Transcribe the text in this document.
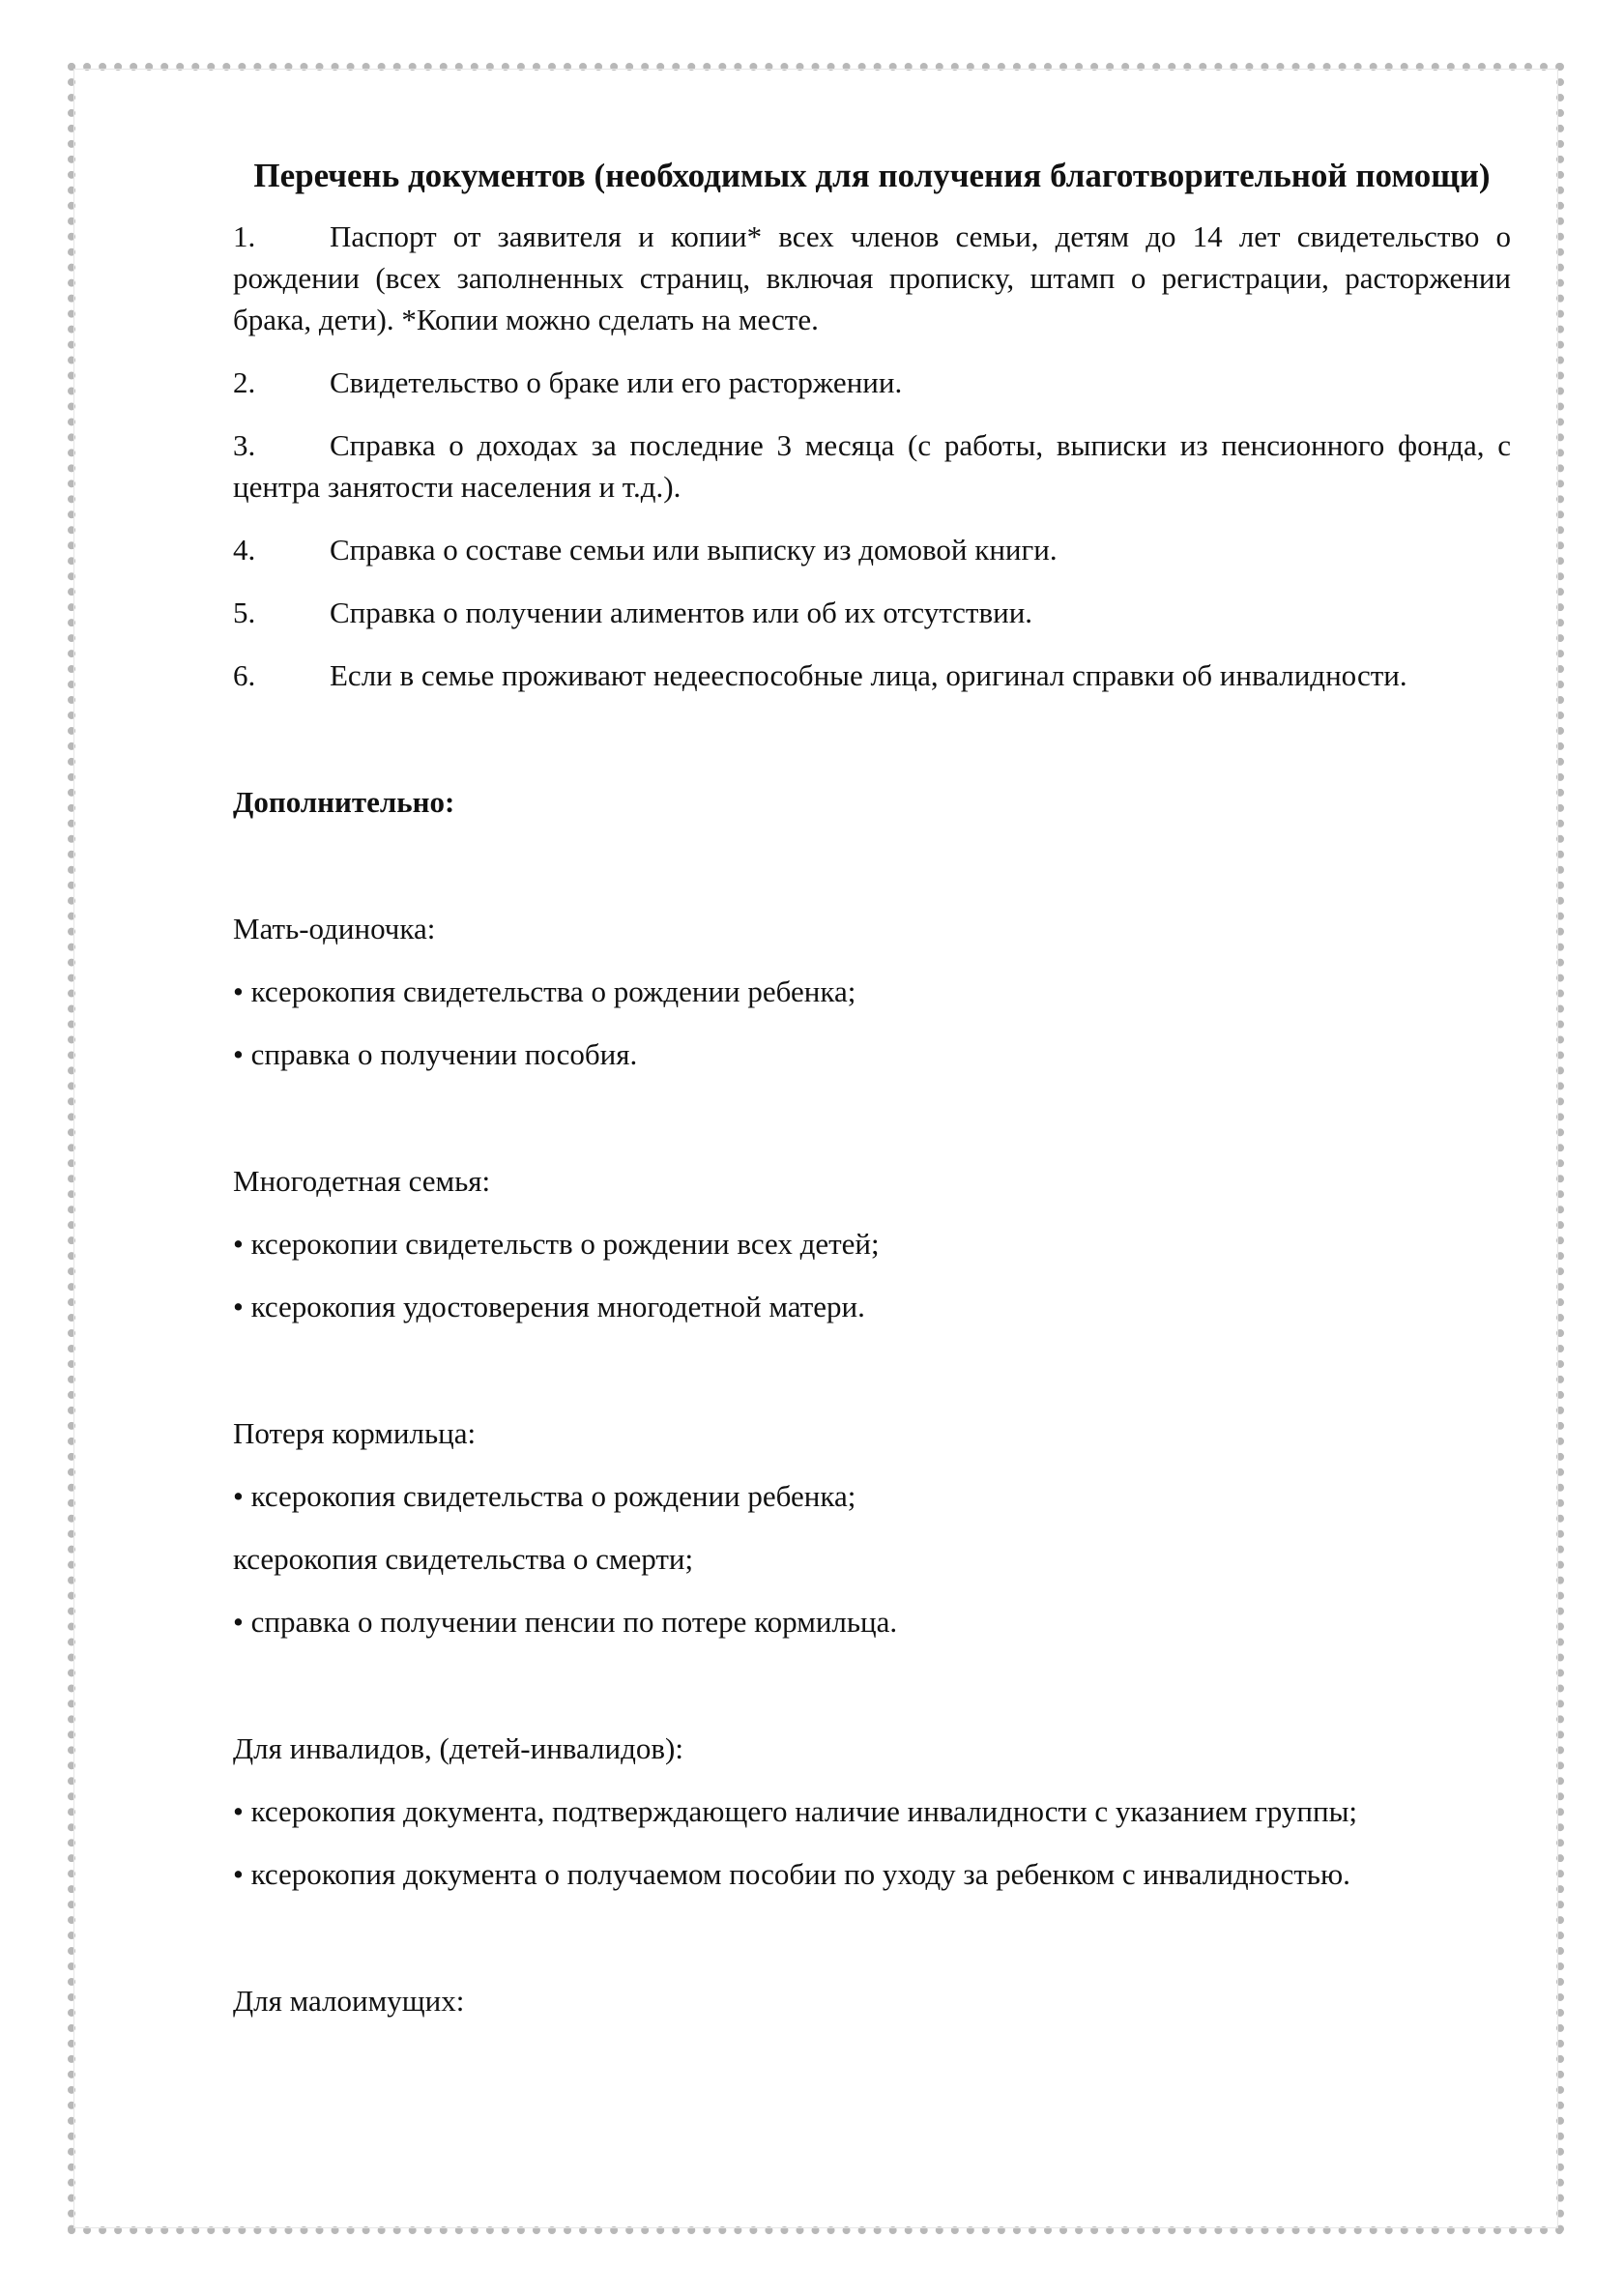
Перечень документов (необходимых для получения благотворительной помощи)
1. Паспорт от заявителя и копии* всех членов семьи, детям до 14 лет свидетельство о рождении (всех заполненных страниц, включая прописку, штамп о регистрации, расторжении брака, дети). *Копии можно сделать на месте.
2. Свидетельство о браке или его расторжении.
3. Справка о доходах за последние 3 месяца (с работы, выписки из пенсионного фонда, с центра занятости населения и т.д.).
4. Справка о составе семьи или выписку из домовой книги.
5. Справка о получении алиментов или об их отсутствии.
6. Если в семье проживают недееспособные лица, оригинал справки об инвалидности.
Дополнительно:
Мать-одиночка:
• ксерокопия свидетельства о рождении ребенка;
• справка о получении пособия.
Многодетная семья:
• ксерокопии свидетельств о рождении всех детей;
• ксерокопия удостоверения многодетной матери.
Потеря кормильца:
• ксерокопия свидетельства о рождении ребенка;
ксерокопия свидетельства о смерти;
• справка о получении пенсии по потере кормильца.
Для инвалидов, (детей-инвалидов):
• ксерокопия документа, подтверждающего наличие инвалидности с указанием группы;
• ксерокопия документа о получаемом пособии по уходу за ребенком с инвалидностью.
Для малоимущих:
